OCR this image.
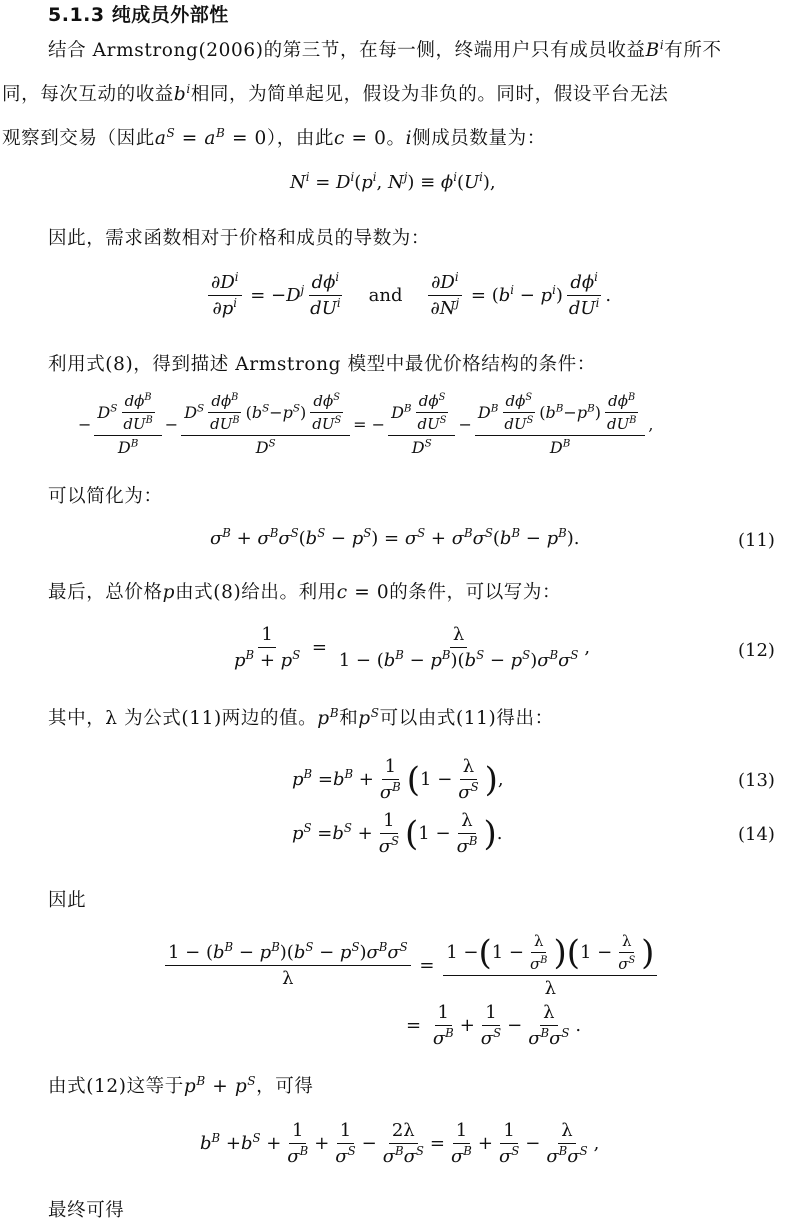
5.1.3 纯成员外部性
结合 Armstrong(2006)的第三节，在每一侧，终端用户只有成员收益$B^i$有所不
同，每次互动的收益$b^i$相同，为简单起见，假设为非负的。同时，假设平台无法
观察到交易（因此$a^S = a^B = 0$），由此c = 0。i侧成员数量为：
$N^i = D^i(p^i$, $N^j) \equiv \phi^i(U^i)$,
因此，需求函数相对于价格和成员的导数为：
$\frac{\partial D^i}{\partial p^i} = -D^j \frac{d\phi^i}{dU^i}$ and $\frac{\partial D^i}{\partial N^j} = (b^i - p^i) \frac{d\phi^i}{dU^i}$ .
利用式(8)，得到描述 Armstrong 模型中最优价格结构的条件：
− $\frac{D^S \frac{d\phi^B}{dU^B}}{D^B} - \frac{D^S \frac{d\phi^B}{dU^B} ( b^S - p^S ) \frac{d\phi^S}{dU^S}}{D^S}$ = − $\frac{D^B \frac{d\phi^S}{dU^S}}{D^S} - \frac{D^B \frac{d\phi^S}{dU^S} ( b^B - p^B ) \frac{d\phi^B}{dU^B}}{D^B}$ ,
可以简化为：
$\sigma^B + \sigma^B\sigma^S(b^S - p^S) = \sigma^S + \sigma^B\sigma^S(b^B - p^B)$.	(11)
最后，总价格p由式(8)给出。利用c = 0的条件，可以写为：
$\frac{1}{p^B + p^S} = \frac{\lambda}{1 - (b^B - p^B)(b^S - p^S)\sigma^B\sigma^S}$ ,	(12)
其中，λ 为公式(11)两边的值。$p^B$和$p^S$可以由式(11)得出：
$p^B = b^B + \frac{1}{\sigma^B}$ ( $1 - \frac{\lambda}{\sigma^S}$ ) ,	(13)
$p^S = b^S + \frac{1}{\sigma^S}$ ( $1 - \frac{\lambda}{\sigma^B}$ ) .	(14)
因此
$\frac{1 - (b^B - p^B)(b^S - p^S)\sigma^B\sigma^S}{\lambda} = \frac{1 - ( 1 - \frac{\lambda}{\sigma^B} ) ( 1 - \frac{\lambda}{\sigma^S} )}{\lambda}$
= $\frac{1}{\sigma^B} + \frac{1}{\sigma^S} - \frac{\lambda}{\sigma^B\sigma^S}$ .
由式(12)这等于$p^B + p^S$，可得
$b^B + b^S + \frac{1}{\sigma^B} + \frac{1}{\sigma^S} - \frac{2\lambda}{\sigma^B\sigma^S} = \frac{1}{\sigma^B} + \frac{1}{\sigma^S} - \frac{\lambda}{\sigma^B\sigma^S}$ ,
最终可得
